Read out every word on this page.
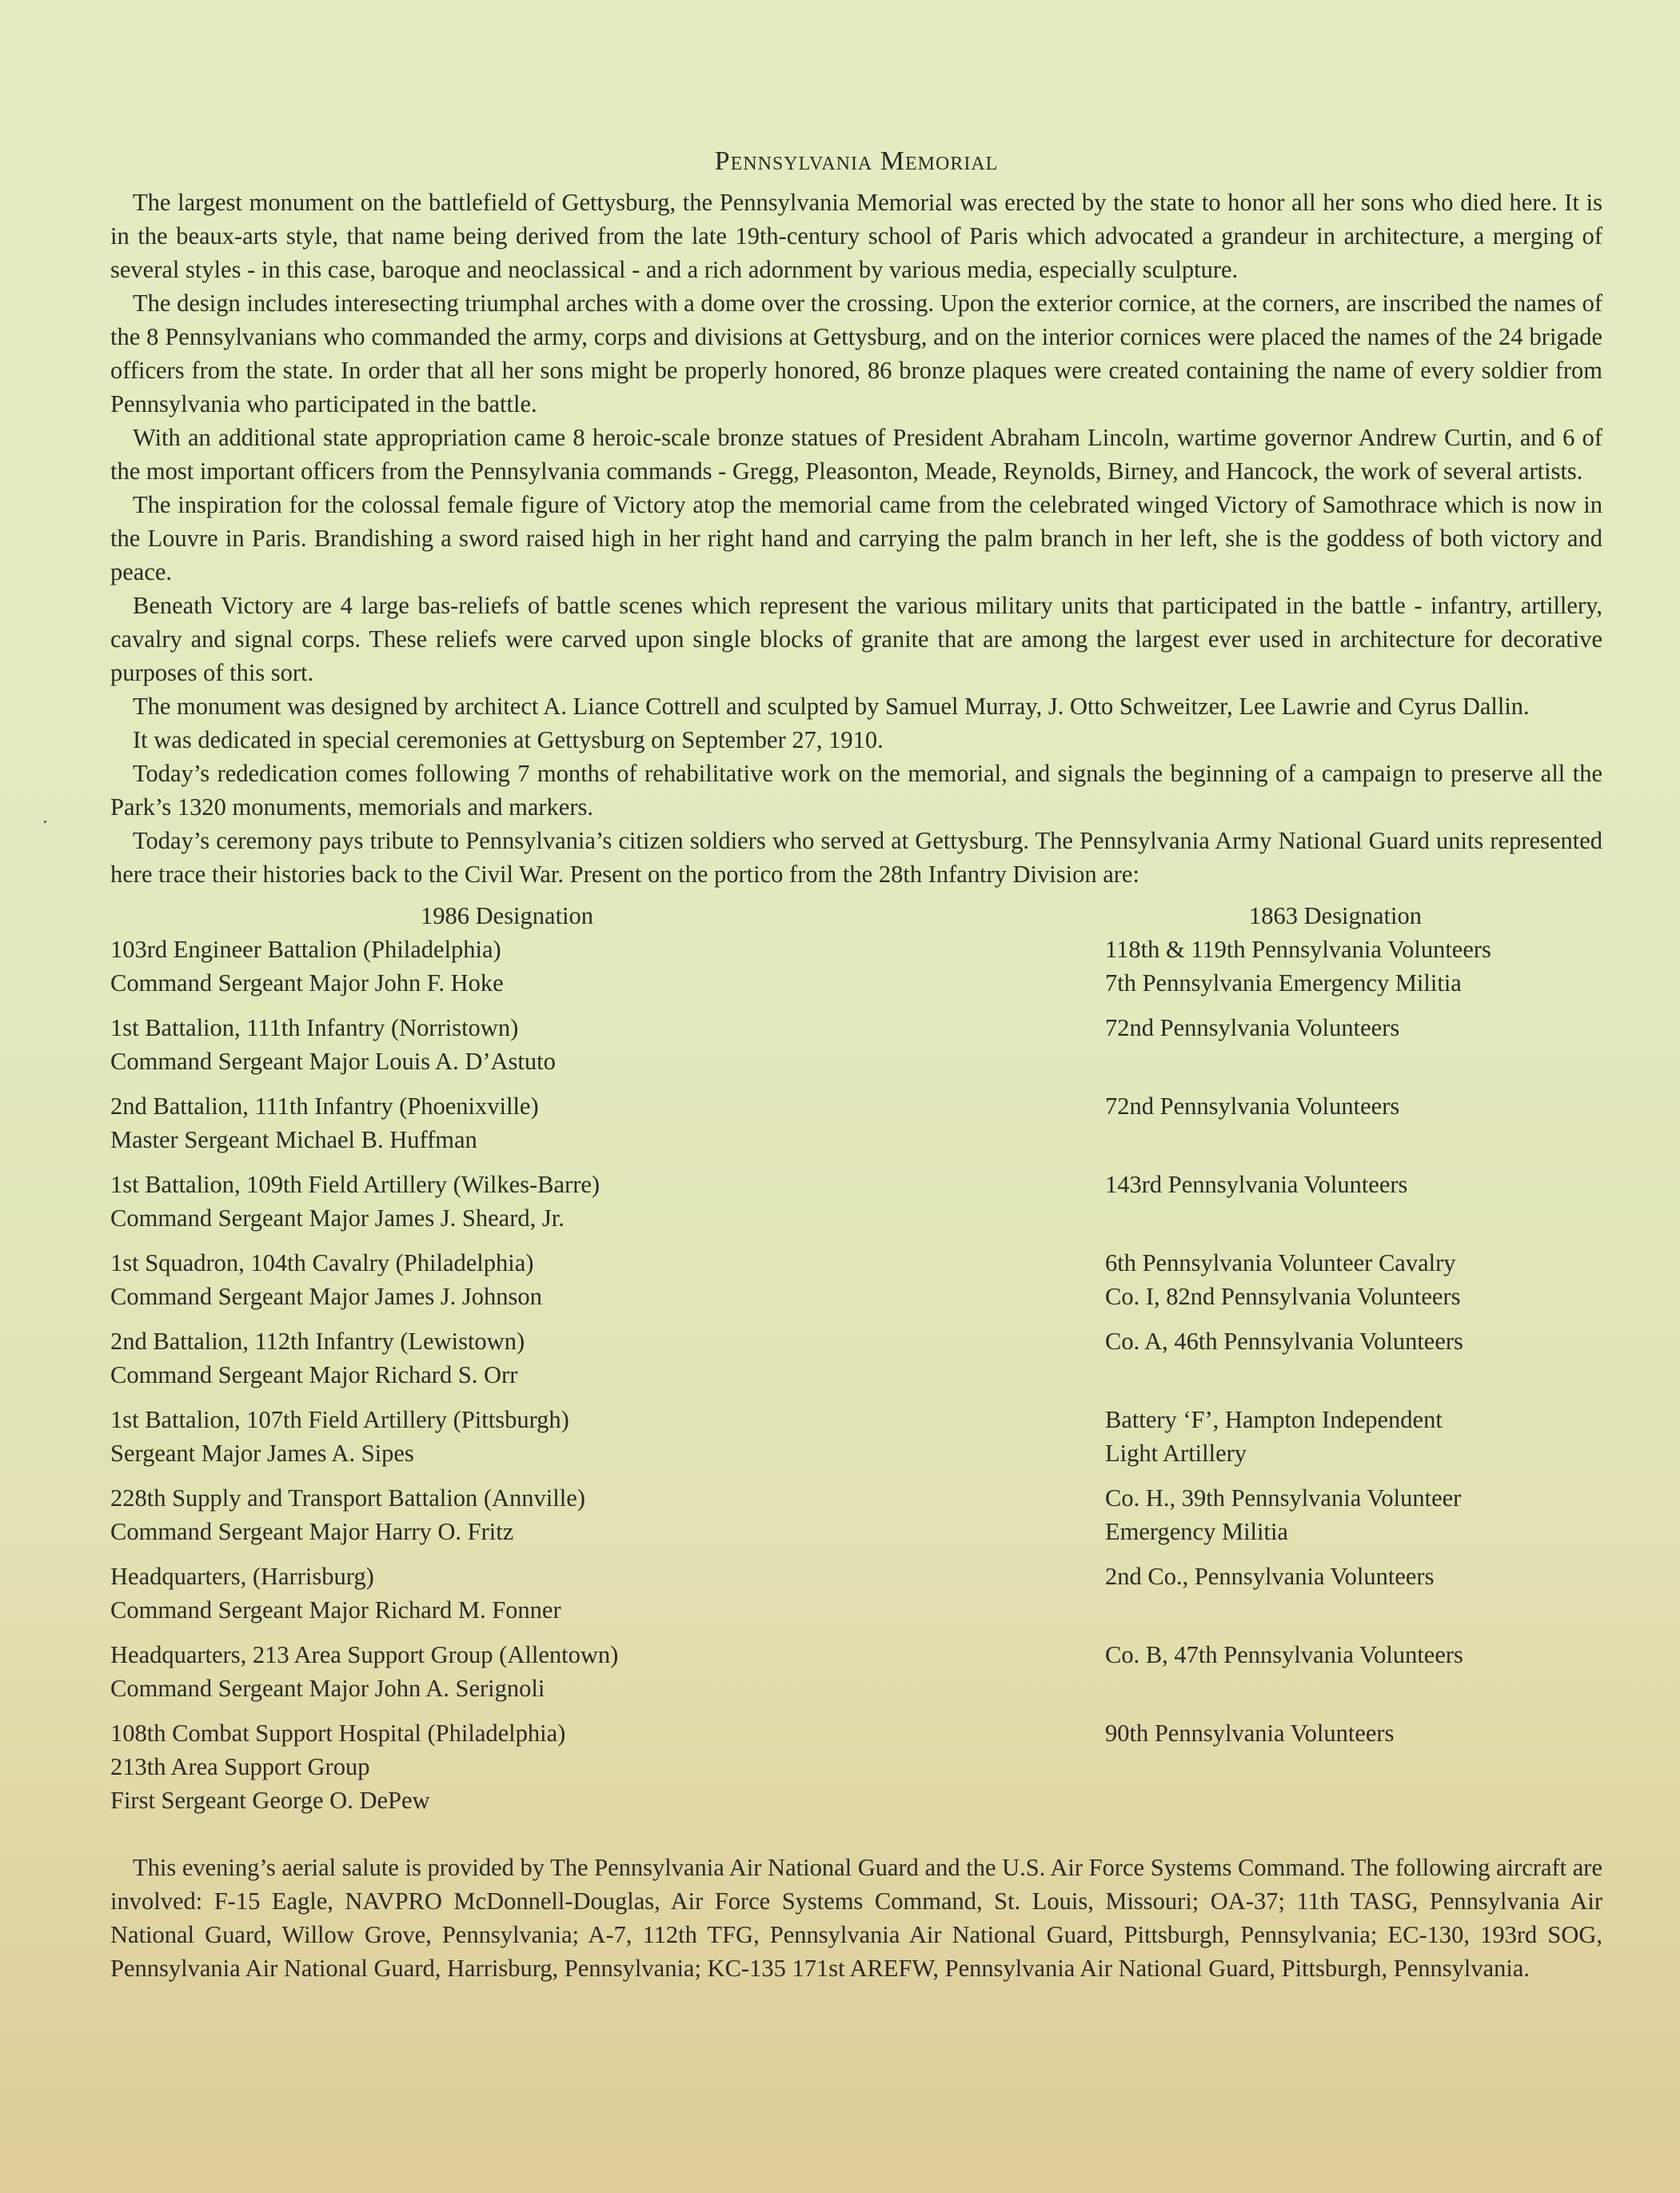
Pennsylvania Memorial

The largest monument on the battlefield of Gettysburg, the Pennsylvania Memorial was erected by the state to honor all her sons who died here. It is in the beaux-arts style, that name being derived from the late 19th-century school of Paris which advocated a grandeur in architecture, a merging of several styles - in this case, baroque and neoclassical - and a rich adornment by various media, especially sculpture.

The design includes interesecting triumphal arches with a dome over the crossing. Upon the exterior cornice, at the corners, are inscribed the names of the 8 Pennsylvanians who commanded the army, corps and divisions at Gettysburg, and on the interior cornices were placed the names of the 24 brigade officers from the state. In order that all her sons might be properly honored, 86 bronze plaques were created containing the name of every soldier from Pennsylvania who participated in the battle.

With an additional state appropriation came 8 heroic-scale bronze statues of President Abraham Lincoln, wartime governor Andrew Curtin, and 6 of the most important officers from the Pennsylvania commands - Gregg, Pleasonton, Meade, Reynolds, Birney, and Hancock, the work of several artists.

The inspiration for the colossal female figure of Victory atop the memorial came from the celebrated winged Victory of Samothrace which is now in the Louvre in Paris. Brandishing a sword raised high in her right hand and carrying the palm branch in her left, she is the goddess of both victory and peace.

Beneath Victory are 4 large bas-reliefs of battle scenes which represent the various military units that participated in the battle - infantry, artillery, cavalry and signal corps. These reliefs were carved upon single blocks of granite that are among the largest ever used in architecture for decorative purposes of this sort.

The monument was designed by architect A. Liance Cottrell and sculpted by Samuel Murray, J. Otto Schweitzer, Lee Lawrie and Cyrus Dallin.

It was dedicated in special ceremonies at Gettysburg on September 27, 1910.

Today’s rededication comes following 7 months of rehabilitative work on the memorial, and signals the beginning of a campaign to preserve all the Park’s 1320 monuments, memorials and markers.

Today’s ceremony pays tribute to Pennsylvania’s citizen soldiers who served at Gettysburg. The Pennsylvania Army National Guard units represented here trace their histories back to the Civil War. Present on the portico from the 28th Infantry Division are:

1986 Designation	1863 Designation
103rd Engineer Battalion (Philadelphia)
Command Sergeant Major John F. Hoke
118th & 119th Pennsylvania Volunteers
7th Pennsylvania Emergency Militia
1st Battalion, 111th Infantry (Norristown)
Command Sergeant Major Louis A. D’Astuto
72nd Pennsylvania Volunteers
2nd Battalion, 111th Infantry (Phoenixville)
Master Sergeant Michael B. Huffman
72nd Pennsylvania Volunteers
1st Battalion, 109th Field Artillery (Wilkes-Barre)
Command Sergeant Major James J. Sheard, Jr.
143rd Pennsylvania Volunteers
1st Squadron, 104th Cavalry (Philadelphia)
Command Sergeant Major James J. Johnson
6th Pennsylvania Volunteer Cavalry
Co. I, 82nd Pennsylvania Volunteers
2nd Battalion, 112th Infantry (Lewistown)
Command Sergeant Major Richard S. Orr
Co. A, 46th Pennsylvania Volunteers
1st Battalion, 107th Field Artillery (Pittsburgh)
Sergeant Major James A. Sipes
Battery ‘F’, Hampton Independent
Light Artillery
228th Supply and Transport Battalion (Annville)
Command Sergeant Major Harry O. Fritz
Co. H., 39th Pennsylvania Volunteer
Emergency Militia
Headquarters, (Harrisburg)
Command Sergeant Major Richard M. Fonner
2nd Co., Pennsylvania Volunteers
Headquarters, 213 Area Support Group (Allentown)
Command Sergeant Major John A. Serignoli
Co. B, 47th Pennsylvania Volunteers
108th Combat Support Hospital (Philadelphia)
213th Area Support Group
First Sergeant George O. DePew
90th Pennsylvania Volunteers

This evening’s aerial salute is provided by The Pennsylvania Air National Guard and the U.S. Air Force Systems Command. The following aircraft are involved: F-15 Eagle, NAVPRO McDonnell-Douglas, Air Force Systems Command, St. Louis, Missouri; OA-37; 11th TASG, Pennsylvania Air National Guard, Willow Grove, Pennsylvania; A-7, 112th TFG, Pennsylvania Air National Guard, Pittsburgh, Pennsylvania; EC-130, 193rd SOG, Pennsylvania Air National Guard, Harrisburg, Pennsylvania; KC-135 171st AREFW, Pennsylvania Air National Guard, Pittsburgh, Pennsylvania.
